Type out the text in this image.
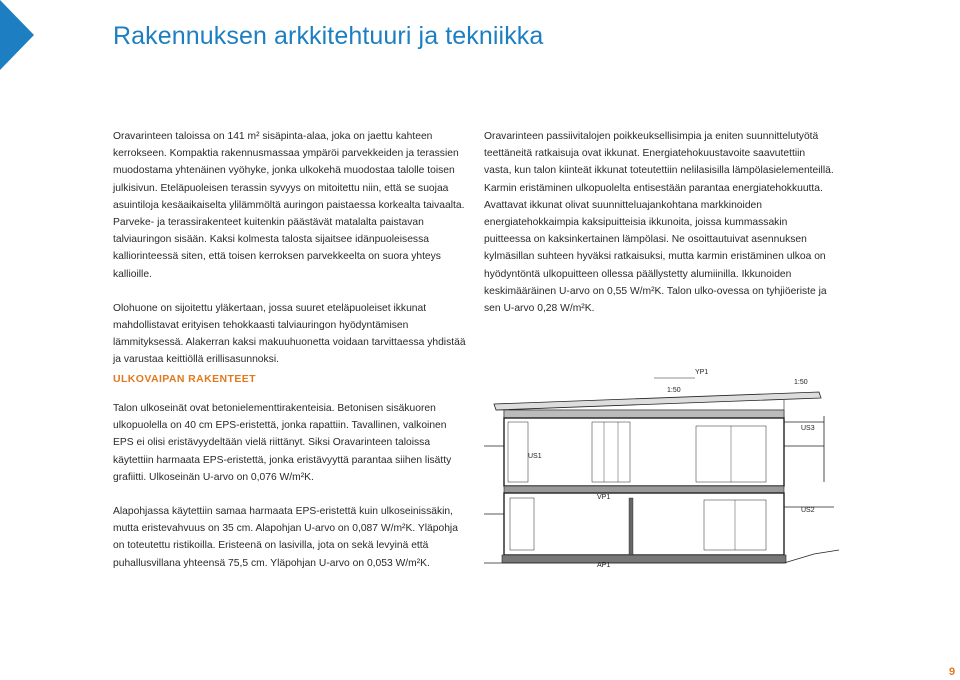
Rakennuksen arkkitehtuuri ja tekniikka

Oravarinteen taloissa on 141 m² sisäpinta-alaa, joka on jaettu kahteen kerrokseen. Kompaktia rakennusmassaa ympäröi parvekkeiden ja terassien muodostama yhtenäinen vyöhyke, jonka ulkokehä muodostaa talolle toisen julkisivun. Eteläpuoleisen terassin syvyys on mitoitettu niin, että se suojaa asuintiloja kesäaikaiselta ylilämmöltä auringon paistaessa korkealta taivaalta. Parveke- ja terassirakenteet kuitenkin päästävät matalalta paistavan talviauringon sisään. Kaksi kolmesta talosta sijaitsee idänpuoleisessa kalliorinteessä siten, että toisen kerroksen parvekkeelta on suora yhteys kallioille.

Olohuone on sijoitettu yläkertaan, jossa suuret eteläpuoleiset ikkunat mahdollistavat erityisen tehokkaasti talviauringon hyödyntämisen lämmityksessä. Alakerran kaksi makuuhuonetta voidaan tarvittaessa yhdistää ja varustaa keittiöllä erillisasunnoksi.

Oravarinteen passiivitalojen poikkeuksellisimpia ja eniten suunnittelutyötä teettäneitä ratkaisuja ovat ikkunat. Energiatehokuustavoite saavutettiin vasta, kun talon kiinteät ikkunat toteutettiin nelilasisilla lämpölasielementeillä. Karmin eristäminen ulkopuolelta entisestään parantaa energiatehokkuutta. Avattavat ikkunat olivat suunnitteluajankohtana markkinoiden energiatehokkaimpia kaksipuitteisia ikkunoita, joissa kummassakin puitteessa on kaksinkertainen lämpölasi. Ne osoittautuivat asennuksen kylmäsillan suhteen hyväksi ratkaisuksi, mutta karmin eristäminen ulkoa on hyödyntöntä ulkopuitteen ollessa päällystetty alumiinilla. Ikkunoiden keskimääräinen U-arvo on 0,55 W/m²K. Talon ulko-ovessa on tyhjiöeriste ja sen U-arvo 0,28 W/m²K.

ULKOVAIPAN RAKENTEET

Talon ulkoseinät ovat betonielementtirakenteisia. Betonisen sisäkuoren ulkopuolella on 40 cm EPS-eristettä, jonka rapattiin. Tavallinen, valkoinen EPS ei olisi eristävyydeltään vielä riittänyt. Siksi Oravarinteen taloissa käytettiin harmaata EPS-eristettä, jonka eristävyyttä parantaa siihen lisätty grafiitti. Ulkoseinän U-arvo on 0,076 W/m²K.

Alapohjassa käytettiin samaa harmaata EPS-eristettä kuin ulkoseinissäkin, mutta eristevahvuus on 35 cm. Alapohjan U-arvo on 0,087 W/m²K. Yläpohja on toteutettu ristikoilla. Eristeenä on lasivilla, jota on sekä levyinä että puhallusvillana yhteensä 75,5 cm. Yläpohjan U-arvo on 0,053 W/m²K.

YP1
1:50
1:50
US3
US1
VP1
US2
AP1
9
